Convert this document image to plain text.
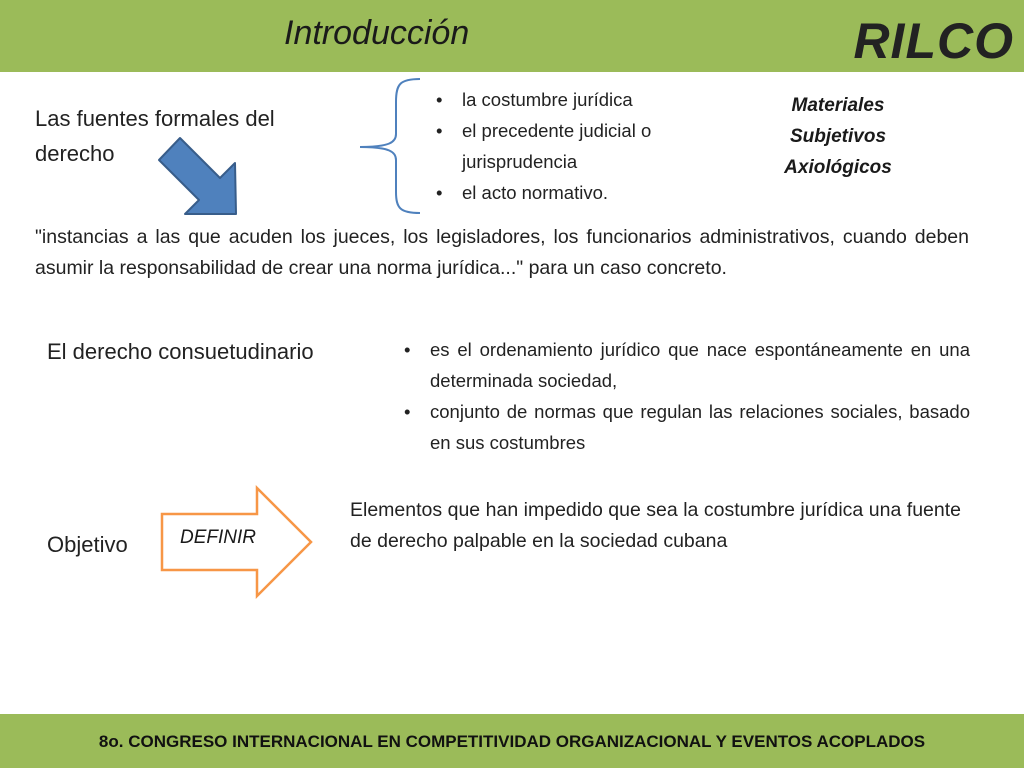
Introducción	RILCO
Las fuentes formales del derecho
• la costumbre jurídica
• el precedente judicial o jurisprudencia
• el acto normativo.
Materiales
Subjetivos
Axiológicos
"instancias a las que acuden los jueces, los legisladores, los funcionarios administrativos, cuando deben asumir la responsabilidad de crear una norma jurídica..." para un caso concreto.
El derecho consuetudinario
•	es el ordenamiento jurídico que nace espontáneamente en una determinada sociedad,
• conjunto de normas que regulan las relaciones sociales, basado en sus costumbres
Objetivo	DEFINIR
Elementos que han impedido que sea la costumbre jurídica una fuente de derecho palpable en la sociedad cubana
8o. CONGRESO INTERNACIONAL EN COMPETITIVIDAD ORGANIZACIONAL Y EVENTOS ACOPLADOS
